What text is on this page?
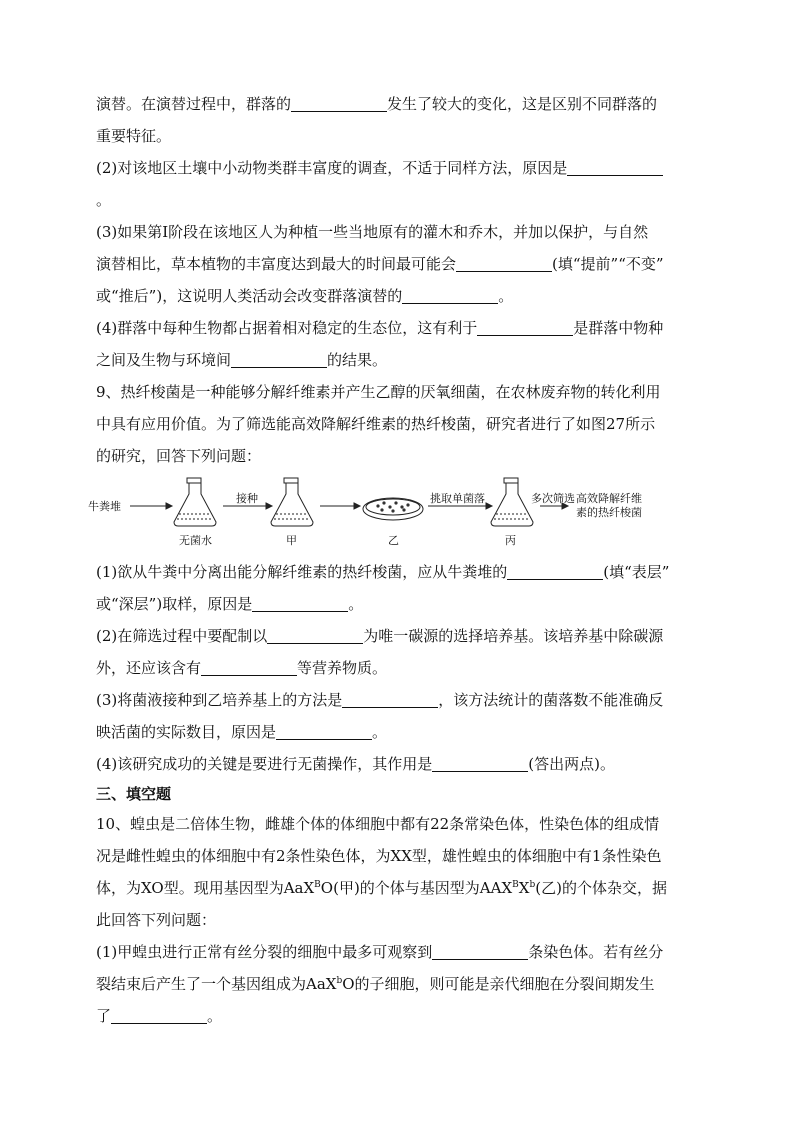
演替。在演替过程中，群落的	发生了较大的变化，这是区别不同群落的
重要特征。
(2)对该地区土壤中小动物类群丰富度的调查，不适于同样方法，原因是
。
(3)如果第Ⅰ阶段在该地区人为种植一些当地原有的灌木和乔木，并加以保护，与自然
演替相比，草本植物的丰富度达到最大的时间最可能会	(填“提前”“不变”
或“推后”)，这说明人类活动会改变群落演替的	。
(4)群落中每种生物都占据着相对稳定的生态位，这有利于	是群落中物种
之间及生物与环境间	的结果。
9、热纤梭菌是一种能够分解纤维素并产生乙醇的厌氧细菌，在农林废弃物的转化利用
中具有应用价值。为了筛选能高效降解纤维素的热纤梭菌，研究者进行了如图27所示
的研究，回答下列问题：
牛粪堆
接种	挑取单菌落	多次筛选 高效降解纤维
素的热纤梭菌
无菌水	甲	乙	丙
(1)欲从牛粪中分离出能分解纤维素的热纤梭菌，应从牛粪堆的	(填“表层”
或“深层”)取样，原因是	。
(2)在筛选过程中要配制以	为唯一碳源的选择培养基。该培养基中除碳源
外，还应该含有	等营养物质。
(3)将菌液接种到乙培养基上的方法是	，该方法统计的菌落数不能准确反
映活菌的实际数目，原因是	。
(4)该研究成功的关键是要进行无菌操作，其作用是	(答出两点)。
三、填空题
10、蝗虫是二倍体生物，雌雄个体的体细胞中都有22条常染色体，性染色体的组成情
况是雌性蝗虫的体细胞中有2条性染色体，为XX型，雄性蝗虫的体细胞中有1条性染色
体，为XO型。现用基因型为AaX$^B$O(甲)的个体与基因型为$AAX^BX^b$(乙)的个体杂交，据
此回答下列问题：
(1)甲蝗虫进行正常有丝分裂的细胞中最多可观察到	条染色体。若有丝分
裂结束后产生了一个基因组成为AaX$^b$O的子细胞，则可能是亲代细胞在分裂间期发生
了	。
